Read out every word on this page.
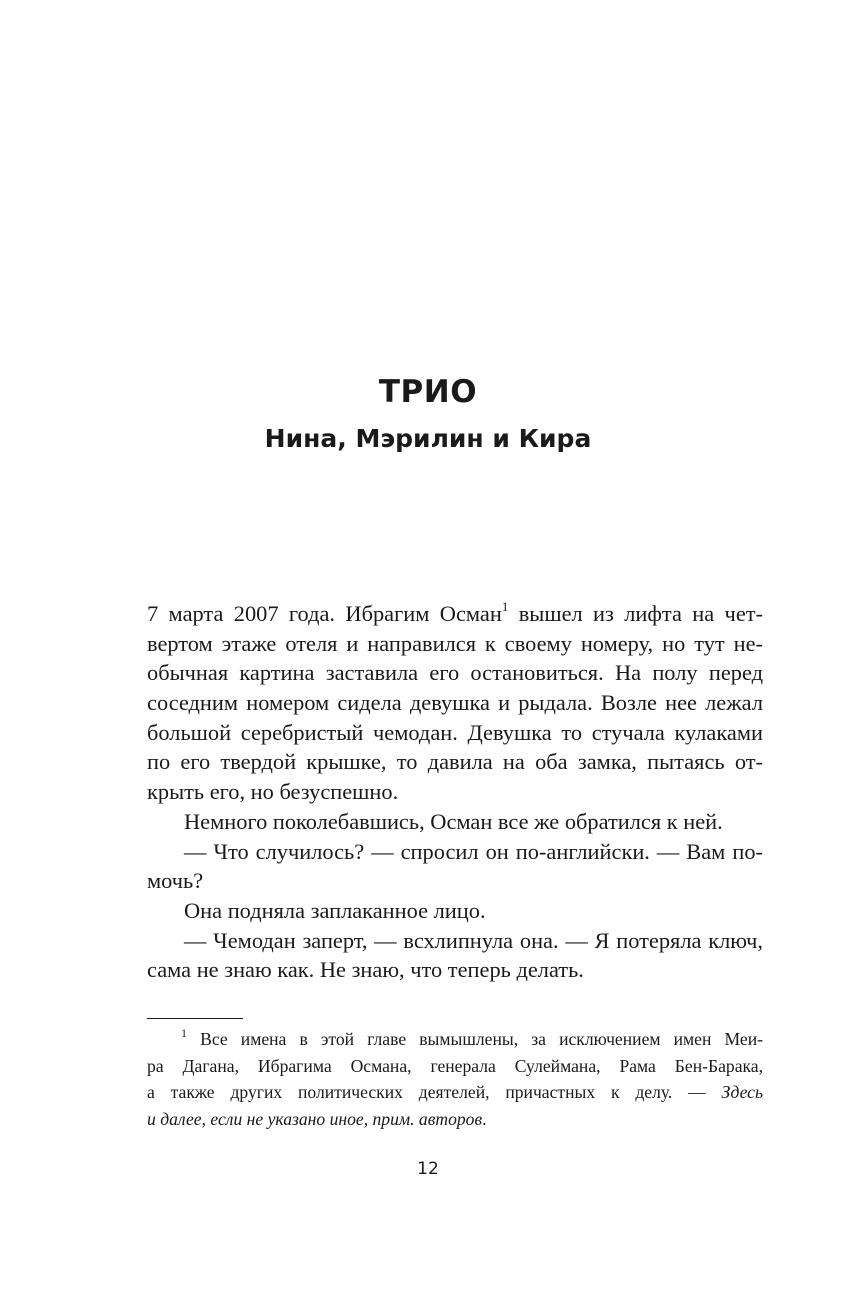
ТРИО
Нина, Мэрилин и Кира
7 марта 2007 года. Ибрагим Осман$^1$ вышел из лифта на чет-
вертом этаже отеля и направился к своему номеру, но тут не-
обычная картина заставила его остановиться. На полу перед
соседним номером сидела девушка и рыдала. Возле нее лежал
большой серебристый чемодан. Девушка то стучала кулаками
по его твердой крышке, то давила на оба замка, пытаясь от-
крыть его, но безуспешно.
Немного поколебавшись, Осман все же обратился к ней.
— Что случилось? — спросил он по-английски. — Вам по-
мочь?
Она подняла заплаканное лицо.
— Чемодан заперт, — всхлипнула она. — Я потеряла ключ,
сама не знаю как. Не знаю, что теперь делать.
$^1$ Все имена в этой главе вымышлены, за исключением имен Меи-
ра Дагана, Ибрагима Османа, генерала Сулеймана, Рама Бен-Барака,
а также других политических деятелей, причастных к делу. — Здесь
и далее, если не указано иное, прим. авторов.

12
